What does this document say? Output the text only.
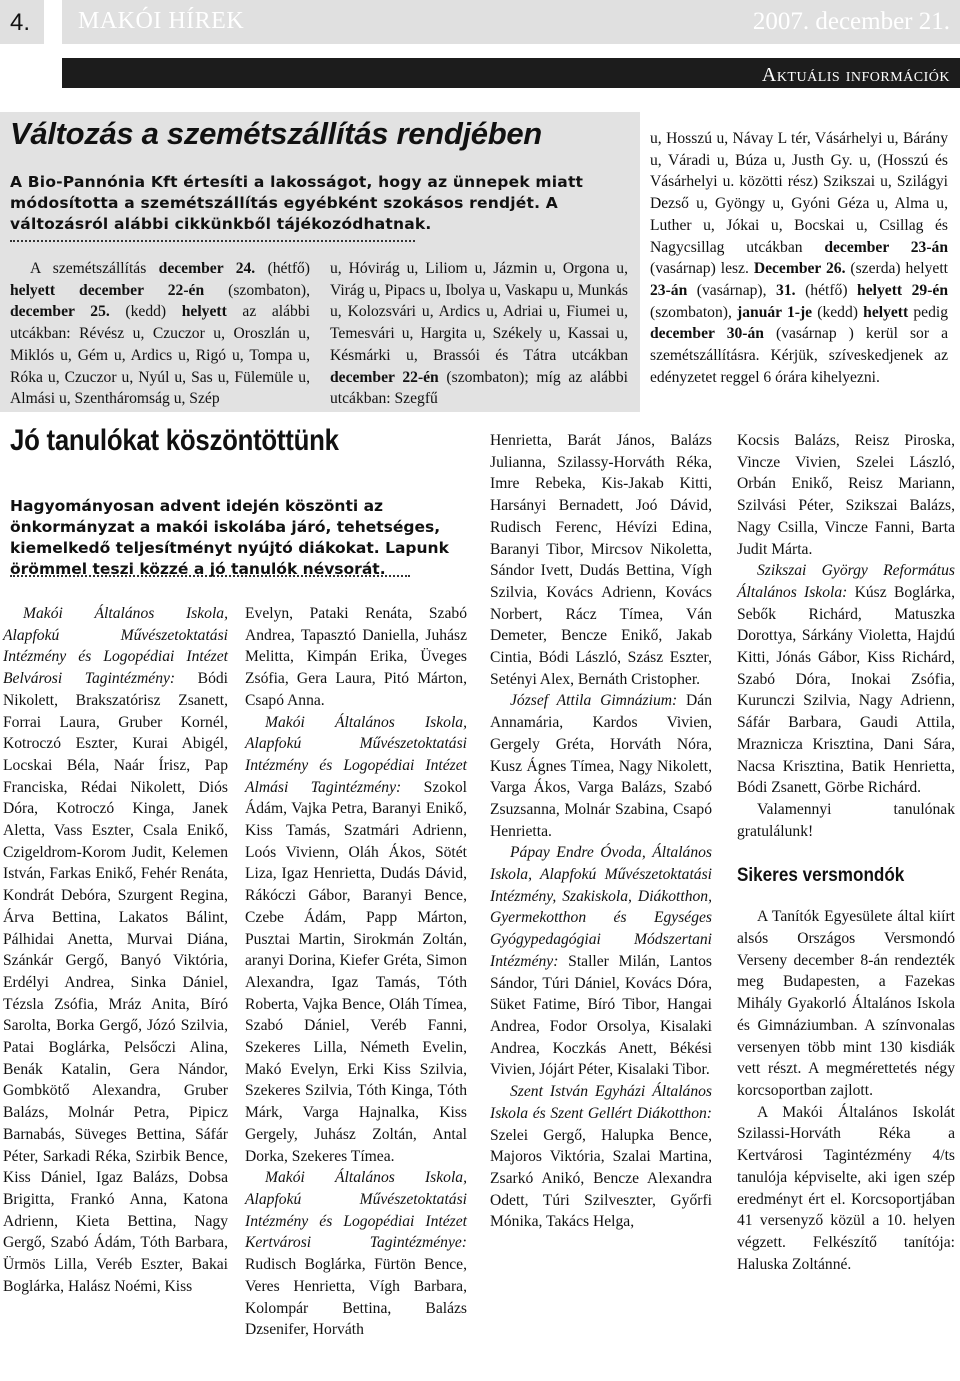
4.	MAKÓI HÍREK	2007. december 21.
Aktuális információk
Változás a szemétszállítás rendjében
A Bio-Pannónia Kft értesíti a lakosságot, hogy az ünnepek miatt módosította a szemétszállítás egyébként szokásos rendjét. A változásról alábbi cikkünkből tájékozódhatnak.

A szemétszállítás december 24. (hétfő) helyett december 22-én (szombaton), december 25. (kedd) helyett az alábbi utcákban: Révész u, Czuczor u, Oroszlán u, Miklós u, Gém u, Ardics u, Rigó u, Tompa u, Róka u, Czuczor u, Nyúl u, Sas u, Fülemüle u, Almási u, Szentháromság u, Szép

u, Hóvirág u, Liliom u, Jázmin u, Orgona u, Virág u, Pipacs u, Ibolya u, Vaskapu u, Munkás u, Kolozsvári u, Ardics u, Adriai u, Fiumei u, Temesvári u, Hargita u, Székely u, Kassai u, Késmárki u, Brassói és Tátra utcákban december 22-én (szombaton); míg az alábbi utcákban: Szegfű

u, Hosszú u, Návay L tér, Vásárhelyi u, Bárány u, Váradi u, Búza u, Justh Gy. u, (Hosszú és Vásárhelyi u. közötti rész) Szikszai u, Szilágyi Dezső u, Gyöngy u, Gyóni Géza u, Alma u, Luther u, Jókai u, Bocskai u, Csillag és Nagycsillag utcákban december 23-án (vasárnap) lesz. December 26. (szerda) helyett 23-án (vasárnap), 31. (hétfő) helyett 29-én (szombaton), január 1-je (kedd) helyett pedig december 30-án (vasárnap ) kerül sor a szemétszállításra. Kérjük, szíveskedjenek az edényzetet reggel 6 órára kihelyezni.

Jó tanulókat köszöntöttünk
Hagyományosan advent idején köszönti az önkormányzat a makói iskolába járó, tehetséges, kiemelkedő teljesítményt nyújtó diákokat. Lapunk örömmel teszi közzé a jó tanulók névsorát.

Makói Általános Iskola, Alapfokú Művészetoktatási Intézmény és Logopédiai Intézet Belvárosi Tagintézmény: Bódi Nikolett, Brakszatórisz Zsanett, Forrai Laura, Gruber Kornél, Kotroczó Eszter, Kurai Abigél, Locskai Béla, Naár Írisz, Pap Franciska, Rédai Nikolett, Diós Dóra, Kotroczó Kinga, Janek Aletta, Vass Eszter, Csala Enikő, Czigeldrom-Korom Judit, Kelemen István, Farkas Enikő, Fehér Renáta, Kondrát Debóra, Szurgent Regina, Árva Bettina, Lakatos Bálint, Pálhidai Anetta, Murvai Diána, Szánkár Gergő, Banyó Viktória, Erdélyi Andrea, Sinka Dániel, Tézsla Zsófia, Mráz Anita, Bíró Sarolta, Borka Gergő, Józó Szilvia, Patai Boglárka, Pelsőczi Alina, Benák Katalin, Gera Nándor, Gombkötő Alexandra, Gruber Balázs, Molnár Petra, Pipicz Barnabás, Süveges Bettina, Sáfár Péter, Sarkadi Réka, Szirbik Bence, Kiss Dániel, Igaz Balázs, Dobsa Brigitta, Frankó Anna, Katona Adrienn, Kieta Bettina, Nagy Gergő, Szabó Ádám, Tóth Barbara, Ürmös Lilla, Veréb Eszter, Bakai Boglárka, Halász Noémi, Kiss

Evelyn, Pataki Renáta, Szabó Andrea, Tapasztó Daniella, Juhász Melitta, Kimpán Erika, Üveges Zsófia, Gera Laura, Pitó Márton, Csapó Anna.

Makói Általános Iskola, Alapfokú Művészetoktatási Intézmény és Logopédiai Intézet Almási Tagintézmény: Szokol Ádám, Vajka Petra, Baranyi Enikő, Kiss Tamás, Szatmári Adrienn, Loós Vivienn, Oláh Ákos, Sötét Liza, Igaz Henrietta, Dudás Dávid, Rákóczi Gábor, Baranyi Bence, Czebe Ádám, Papp Márton, Pusztai Martin, Sirokmán Zoltán, aranyi Dorina, Kiefer Gréta, Simon Alexandra, Igaz Tamás, Tóth Roberta, Vajka Bence, Oláh Tímea, Szabó Dániel, Veréb Fanni, Szekeres Lilla, Németh Evelin, Makó Evelyn, Erki Kiss Szilvia, Szekeres Szilvia, Tóth Kinga, Tóth Márk, Varga Hajnalka, Kiss Gergely, Juhász Zoltán, Antal Dorka, Szekeres Tímea.

Makói Általános Iskola, Alapfokú Művészetoktatási Intézmény és Logopédiai Intézet Kertvárosi Tagintézménye: Rudisch Boglárka, Fürtön Bence, Veres Henrietta, Vígh Barbara, Kolompár Bettina, Balázs Dzsenifer, Horváth

Henrietta, Barát János, Balázs Julianna, Szilassy-Horváth Réka, Imre Rebeka, Kis-Jakab Kitti, Harsányi Bernadett, Joó Dávid, Rudisch Ferenc, Hévízi Edina, Baranyi Tibor, Mircsov Nikoletta, Sándor Ivett, Dudás Bettina, Vígh Szilvia, Kovács Adrienn, Kovács Norbert, Rácz Tímea, Ván Demeter, Bencze Enikő, Jakab Cintia, Bódi László, Szász Eszter, Setényi Alex, Bernáth Cristopher.

József Attila Gimnázium: Dán Annamária, Kardos Vivien, Gergely Gréta, Horváth Nóra, Kusz Ágnes Tímea, Nagy Nikolett, Varga Ákos, Varga Balázs, Szabó Zsuzsanna, Molnár Szabina, Csapó Henrietta.

Pápay Endre Óvoda, Általános Iskola, Alapfokú Művészetoktatási Intézmény, Szakiskola, Diákotthon, Gyermekotthon és Egységes Gyógypedagógiai Módszertani Intézmény: Staller Milán, Lantos Sándor, Túri Dániel, Kovács Dóra, Süket Fatime, Bíró Tibor, Hangai Andrea, Fodor Orsolya, Kisalaki Andrea, Koczkás Anett, Békési Vivien, Jójárt Péter, Kisalaki Tibor.

Szent István Egyházi Általános Iskola és Szent Gellért Diákotthon: Szelei Gergő, Halupka Bence, Majoros Viktória, Szalai Martina, Zsarkó Anikó, Bencze Alexandra Odett, Túri Szilveszter, Győrfi Mónika, Takács Helga,

Kocsis Balázs, Reisz Piroska, Vincze Vivien, Szelei László, Orbán Enikő, Reisz Mariann, Szilvási Péter, Szikszai Balázs, Nagy Csilla, Vincze Fanni, Barta Judit Márta.

Szikszai György Református Általános Iskola: Kúsz Boglárka, Sebők Richárd, Matuszka Dorottya, Sárkány Violetta, Hajdú Kitti, Jónás Gábor, Kiss Richárd, Szabó Dóra, Inokai Zsófia, Kurunczi Szilvia, Nagy Adrienn, Sáfár Barbara, Gaudi Attila, Mraznicza Krisztina, Dani Sára, Nacsa Krisztina, Batik Henrietta, Bódi Zsanett, Görbe Richárd.

Valamennyi tanulónak gratulálunk!

Sikeres versmondók

A Tanítók Egyesülete által kiírt alsós Országos Versmondó Verseny december 8-án rendezték meg Budapesten, a Fazekas Mihály Gyakorló Általános Iskola és Gimnáziumban. A színvonalas versenyen több mint 130 kisdiák vett részt. A megmérettetés négy korcsoportban zajlott.

A Makói Általános Iskolát Szilassi-Horváth Réka a Kertvárosi Tagintézmény 4/ts tanulója képviselte, aki igen szép eredményt ért el. Korcsoportjában 41 versenyző közül a 10. helyen végzett. Felkészítő tanítója: Haluska Zoltánné.
